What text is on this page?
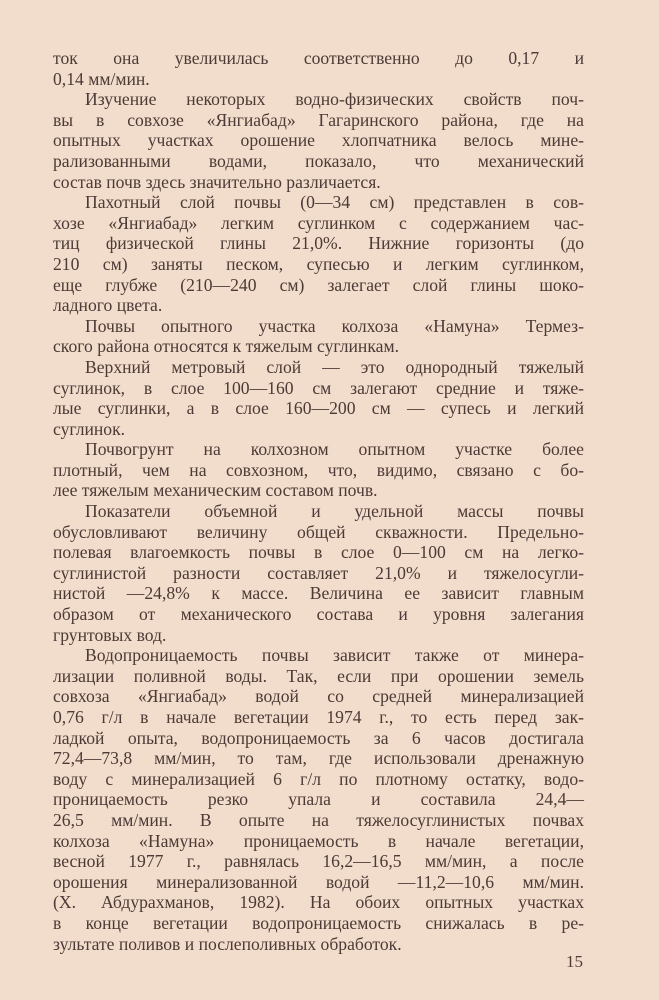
ток она увеличилась соответственно до 0,17 и
0,14 мм/мин.
Изучение некоторых водно-физических свойств поч-
вы в совхозе «Янгиабад» Гагаринского района, где на
опытных участках орошение хлопчатника велось мине-
рализованными водами, показало, что механический
состав почв здесь значительно различается.
Пахотный слой почвы (0—34 см) представлен в сов-
хозе «Янгиабад» легким суглинком с содержанием час-
тиц физической глины 21,0%. Нижние горизонты (до
210 см) заняты песком, супесью и легким суглинком,
еще глубже (210—240 см) залегает слой глины шоко-
ладного цвета.
Почвы опытного участка колхоза «Намуна» Термез-
ского района относятся к тяжелым суглинкам.
Верхний метровый слой — это однородный тяжелый
суглинок, в слое 100—160 см залегают средние и тяже-
лые суглинки, а в слое 160—200 см — супесь и легкий
суглинок.
Почвогрунт на колхозном опытном участке более
плотный, чем на совхозном, что, видимо, связано с бо-
лее тяжелым механическим составом почв.
Показатели объемной и удельной массы почвы
обусловливают величину общей скважности. Предельно-
полевая влагоемкость почвы в слое 0—100 см на легко-
суглинистой разности составляет 21,0% и тяжелосугли-
нистой —24,8% к массе. Величина ее зависит главным
образом от механического состава и уровня залегания
грунтовых вод.
Водопроницаемость почвы зависит также от минера-
лизации поливной воды. Так, если при орошении земель
совхоза «Янгиабад» водой со средней минерализацией
0,76 г/л в начале вегетации 1974 г., то есть перед зак-
ладкой опыта, водопроницаемость за 6 часов достигала
72,4—73,8 мм/мин, то там, где использовали дренажную
воду с минерализацией 6 г/л по плотному остатку, водо-
проницаемость резко упала и составила 24,4—
26,5 мм/мин. В опыте на тяжелосуглинистых почвах
колхоза «Намуна» проницаемость в начале вегетации,
весной 1977 г., равнялась 16,2—16,5 мм/мин, а после
орошения минерализованной водой —11,2—10,6 мм/мин.
(Х. Абдурахманов, 1982). На обоих опытных участках
в конце вегетации водопроницаемость снижалась в ре-
зультате поливов и послеполивных обработок.
15
